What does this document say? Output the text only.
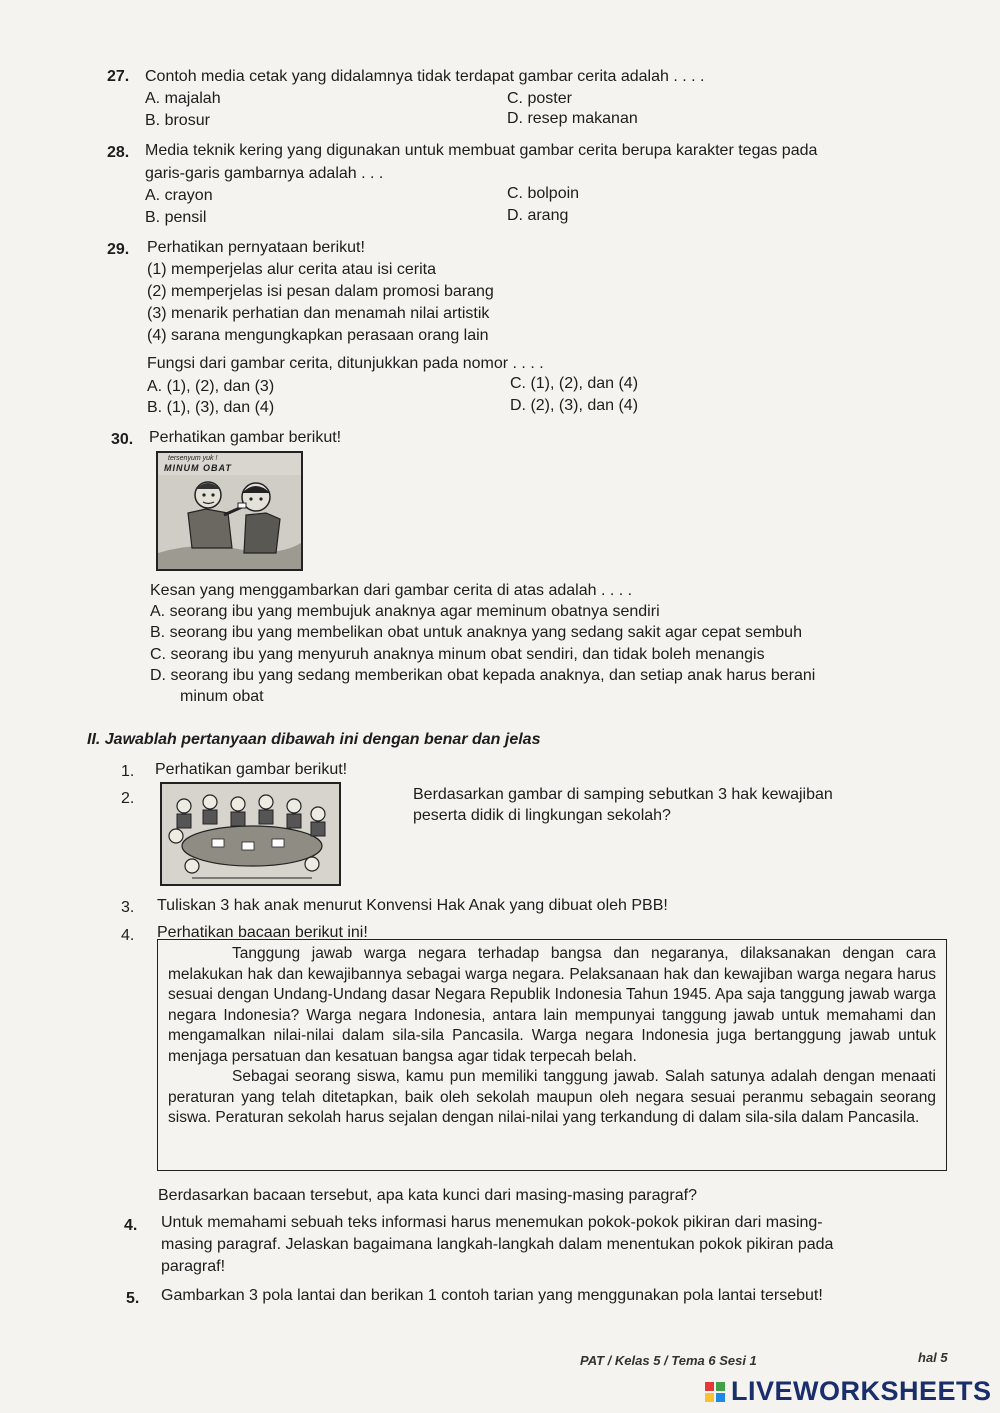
27. Contoh media cetak yang didalamnya tidak terdapat gambar cerita adalah . . . .
A. majalah	C. poster
B. brosur	D. resep makanan
28. Media teknik kering yang digunakan untuk membuat gambar cerita berupa karakter tegas pada
garis-garis gambarnya adalah . . .
A. crayon	C. bolpoin
B. pensil	D. arang
29. Perhatikan pernyataan berikut!
(1) memperjelas alur cerita atau isi cerita
(2) memperjelas isi pesan dalam promosi barang
(3) menarik perhatian dan menamah nilai artistik
(4) sarana mengungkapkan perasaan orang lain
Fungsi dari gambar cerita, ditunjukkan pada nomor . . . .
A. (1), (2), dan (3)	C. (1), (2), dan (4)
B. (1), (3), dan (4)	D. (2), (3), dan (4)
30. Perhatikan gambar berikut!
tersenyum yuk !
MINUM OBAT
Kesan yang menggambarkan dari gambar cerita di atas adalah . . . .
A. seorang ibu yang membujuk anaknya agar meminum obatnya sendiri
B. seorang ibu yang membelikan obat untuk anaknya yang sedang sakit agar cepat sembuh
C. seorang ibu yang menyuruh anaknya minum obat sendiri, dan tidak boleh menangis
D. seorang ibu yang sedang memberikan obat kepada anaknya, dan setiap anak harus berani
minum obat
II. Jawablah pertanyaan dibawah ini dengan benar dan jelas
1. Perhatikan gambar berikut!
2.	Berdasarkan gambar di samping sebutkan 3 hak kewajiban
peserta didik di lingkungan sekolah?
3. Tuliskan 3 hak anak menurut Konvensi Hak Anak yang dibuat oleh PBB!
4. Perhatikan bacaan berikut ini!

Tanggung jawab warga negara terhadap bangsa dan negaranya, dilaksanakan dengan cara melakukan hak dan kewajibannya sebagai warga negara. Pelaksanaan hak dan kewajiban warga negara harus sesuai dengan Undang-Undang dasar Negara Republik Indonesia Tahun 1945. Apa saja tanggung jawab warga negara Indonesia? Warga negara Indonesia, antara lain mempunyai tanggung jawab untuk memahami dan mengamalkan nilai-nilai dalam sila-sila Pancasila. Warga negara Indonesia juga bertanggung jawab untuk menjaga persatuan dan kesatuan bangsa agar tidak terpecah belah.

Sebagai seorang siswa, kamu pun memiliki tanggung jawab. Salah satunya adalah dengan menaati peraturan yang telah ditetapkan, baik oleh sekolah maupun oleh negara sesuai peranmu sebagain seorang siswa. Peraturan sekolah harus sejalan dengan nilai-nilai yang terkandung di dalam sila-sila dalam Pancasila.

Berdasarkan bacaan tersebut, apa kata kunci dari masing-masing paragraf?
4. Untuk memahami sebuah teks informasi harus menemukan pokok-pokok pikiran dari masing-
masing paragraf. Jelaskan bagaimana langkah-langkah dalam menentukan pokok pikiran pada
paragraf!
5. Gambarkan 3 pola lantai dan berikan 1 contoh tarian yang menggunakan pola lantai tersebut!
PAT / Kelas 5 / Tema 6 Sesi 1	hal 5
LIVEWORKSHEETS
